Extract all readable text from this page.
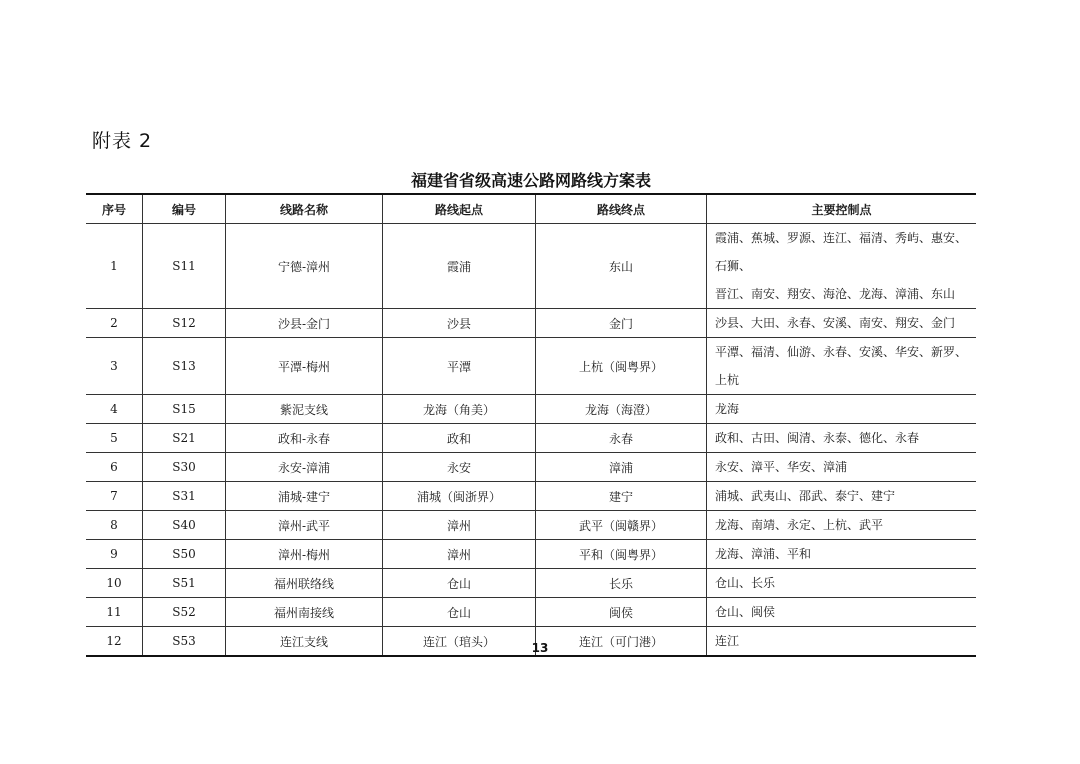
附表 2
福建省省级高速公路网路线方案表
序号	编号	线路名称	路线起点	路线终点	主要控制点
1	S11	宁德-漳州	霞浦	东山	霞浦、蕉城、罗源、连江、福清、秀屿、惠安、石狮、
晋江、南安、翔安、海沧、龙海、漳浦、东山

2	S12	沙县-金门	沙县	金门	沙县、大田、永春、安溪、南安、翔安、金门
3	S13	平潭-梅州	平潭	上杭（闽粤界）	平潭、福清、仙游、永春、安溪、华安、新罗、上杭
4	S15	紫泥支线	龙海（角美）	龙海（海澄）	龙海
5	S21	政和-永春	政和	永春	政和、古田、闽清、永泰、德化、永春
6	S30	永安-漳浦	永安	漳浦	永安、漳平、华安、漳浦
7	S31	浦城-建宁	浦城（闽浙界）	建宁	浦城、武夷山、邵武、泰宁、建宁
8	S40	漳州-武平	漳州	武平（闽赣界）	龙海、南靖、永定、上杭、武平
9	S50	漳州-梅州	漳州	平和（闽粤界）	龙海、漳浦、平和
10	S51	福州联络线	仓山	长乐	仓山、长乐
11	S52	福州南接线	仓山	闽侯	仓山、闽侯
12	S53	连江支线	连江（琯头）	连江（可门港）	连江
13
